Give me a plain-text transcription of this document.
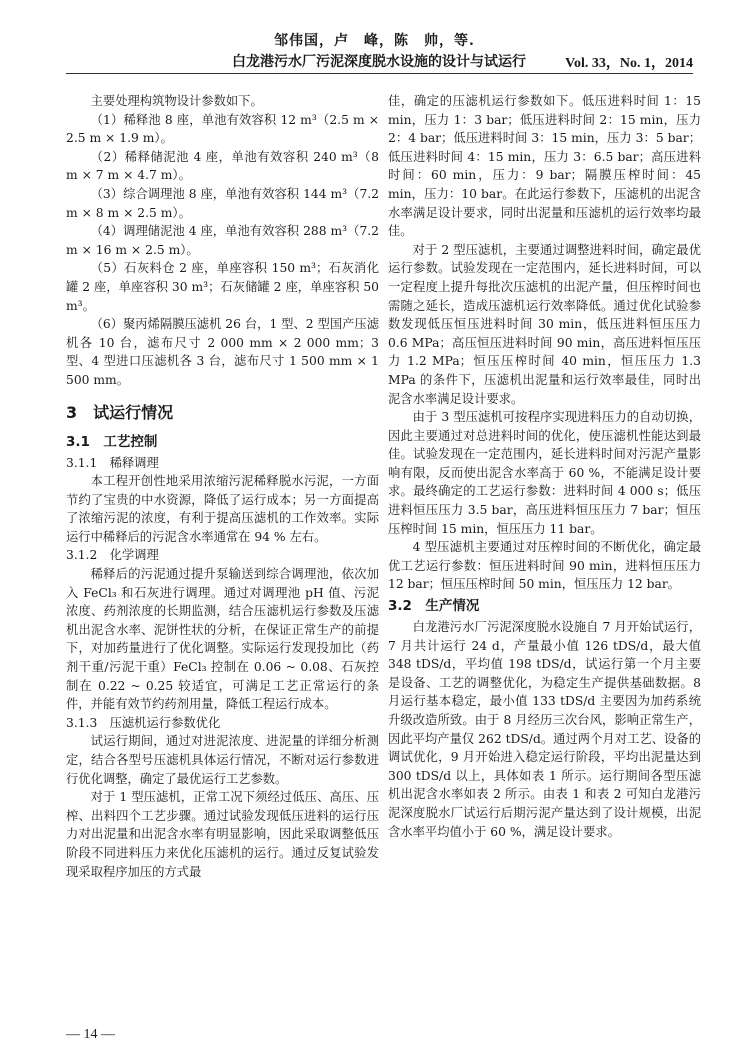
邹伟国，卢　峰，陈　帅，等.
白龙港污水厂污泥深度脱水设施的设计与试运行	Vol. 33，No. 1，2014

主要处理构筑物设计参数如下。

（1）稀释池 8 座，单池有效容积 12 m³（2.5 m × 2.5 m × 1.9 m）。

（2）稀释储泥池 4 座，单池有效容积 240 m³（8 m × 7 m × 4.7 m）。

（3）综合调理池 8 座，单池有效容积 144 m³（7.2 m × 8 m × 2.5 m）。

（4）调理储泥池 4 座，单池有效容积 288 m³（7.2 m × 16 m × 2.5 m）。

（5）石灰料仓 2 座，单座容积 150 m³；石灰消化罐 2 座，单座容积 30 m³；石灰储罐 2 座，单座容积 50 m³。

（6）聚丙烯隔膜压滤机 26 台，1 型、2 型国产压滤机各 10 台，滤布尺寸 2 000 mm × 2 000 mm；3 型、4 型进口压滤机各 3 台，滤布尺寸 1 500 mm × 1 500 mm。

3　试运行情况
3.1　工艺控制
3.1.1　稀释调理

本工程开创性地采用浓缩污泥稀释脱水污泥，一方面节约了宝贵的中水资源，降低了运行成本；另一方面提高了浓缩污泥的浓度，有利于提高压滤机的工作效率。实际运行中稀释后的污泥含水率通常在 94 % 左右。

3.1.2　化学调理

稀释后的污泥通过提升泵输送到综合调理池，依次加入 FeCl₃ 和石灰进行调理。通过对调理池 pH 值、污泥浓度、药剂浓度的长期监测，结合压滤机运行参数及压滤机出泥含水率、泥饼性状的分析，在保证正常生产的前提下，对加药量进行了优化调整。实际运行发现投加比（药剂干重/污泥干重）FeCl₃ 控制在 0.06 ~ 0.08、石灰控制在 0.22 ~ 0.25 较适宜，可满足工艺正常运行的条件，并能有效节约药剂用量，降低工程运行成本。

3.1.3　压滤机运行参数优化

试运行期间，通过对进泥浓度、进泥量的详细分析测定，结合各型号压滤机具体运行情况，不断对运行参数进行优化调整，确定了最优运行工艺参数。

对于 1 型压滤机，正常工况下须经过低压、高压、压榨、出料四个工艺步骤。通过试验发现低压进料的运行压力对出泥量和出泥含水率有明显影响，因此采取调整低压阶段不同进料压力来优化压滤机的运行。通过反复试验发现采取程序加压的方式最

佳，确定的压滤机运行参数如下。低压进料时间 1：15 min，压力 1：3 bar；低压进料时间 2：15 min，压力 2：4 bar；低压进料时间 3：15 min，压力 3：5 bar；低压进料时间 4：15 min，压力 3：6.5 bar；高压进料时间：60 min，压力：9 bar；隔膜压榨时间：45 min，压力：10 bar。在此运行参数下，压滤机的出泥含水率满足设计要求，同时出泥量和压滤机的运行效率均最佳。

对于 2 型压滤机，主要通过调整进料时间，确定最优运行参数。试验发现在一定范围内，延长进料时间，可以一定程度上提升每批次压滤机的出泥产量，但压榨时间也需随之延长，造成压滤机运行效率降低。通过优化试验参数发现低压恒压进料时间 30 min，低压进料恒压压力 0.6 MPa；高压恒压进料时间 90 min，高压进料恒压压力 1.2 MPa；恒压压榨时间 40 min，恒压压力 1.3 MPa 的条件下，压滤机出泥量和运行效率最佳，同时出泥含水率满足设计要求。

由于 3 型压滤机可按程序实现进料压力的自动切换，因此主要通过对总进料时间的优化，使压滤机性能达到最佳。试验发现在一定范围内，延长进料时间对污泥产量影响有限，反而使出泥含水率高于 60 %，不能满足设计要求。最终确定的工艺运行参数：进料时间 4 000 s；低压进料恒压压力 3.5 bar，高压进料恒压压力 7 bar；恒压压榨时间 15 min，恒压压力 11 bar。

4 型压滤机主要通过对压榨时间的不断优化，确定最优工艺运行参数：恒压进料时间 90 min，进料恒压压力 12 bar；恒压压榨时间 50 min，恒压压力 12 bar。

3.2　生产情况

白龙港污水厂污泥深度脱水设施自 7 月开始试运行，7 月共计运行 24 d，产量最小值 126 tDS/d，最大值 348 tDS/d，平均值 198 tDS/d，试运行第一个月主要是设备、工艺的调整优化，为稳定生产提供基础数据。8 月运行基本稳定，最小值 133 tDS/d 主要因为加药系统升级改造所致。由于 8 月经历三次台风，影响正常生产，因此平均产量仅 262 tDS/d。通过两个月对工艺、设备的调试优化，9 月开始进入稳定运行阶段，平均出泥量达到 300 tDS/d 以上，具体如表 1 所示。运行期间各型压滤机出泥含水率如表 2 所示。由表 1 和表 2 可知白龙港污泥深度脱水厂试运行后期污泥产量达到了设计规模，出泥含水率平均值小于 60 %，满足设计要求。

— 14 —
